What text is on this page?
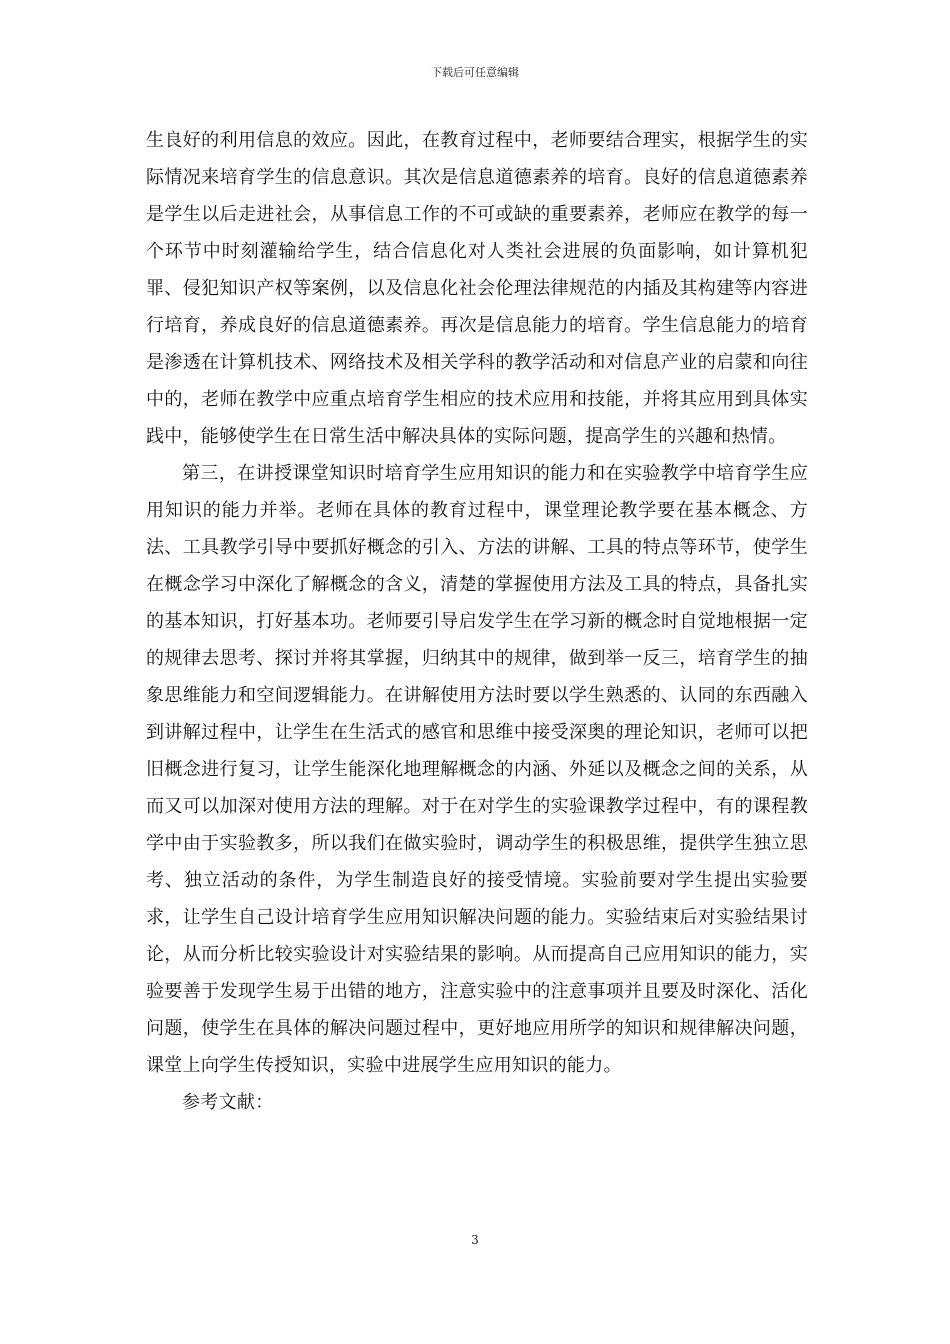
下载后可任意编辑

生良好的利用信息的效应。因此，在教育过程中，老师要结合理实，根据学生的实际情况来培育学生的信息意识。其次是信息道德素养的培育。良好的信息道德素养是学生以后走进社会，从事信息工作的不可或缺的重要素养，老师应在教学的每一个环节中时刻灌输给学生，结合信息化对人类社会进展的负面影响，如计算机犯罪、侵犯知识产权等案例，以及信息化社会伦理法律规范的内插及其构建等内容进行培育，养成良好的信息道德素养。再次是信息能力的培育。学生信息能力的培育是渗透在计算机技术、网络技术及相关学科的教学活动和对信息产业的启蒙和向往中的，老师在教学中应重点培育学生相应的技术应用和技能，并将其应用到具体实践中，能够使学生在日常生活中解决具体的实际问题，提高学生的兴趣和热情。

第三，在讲授课堂知识时培育学生应用知识的能力和在实验教学中培育学生应用知识的能力并举。老师在具体的教育过程中，课堂理论教学要在基本概念、方法、工具教学引导中要抓好概念的引入、方法的讲解、工具的特点等环节，使学生在概念学习中深化了解概念的含义，清楚的掌握使用方法及工具的特点，具备扎实的基本知识，打好基本功。老师要引导启发学生在学习新的概念时自觉地根据一定的规律去思考、探讨并将其掌握，归纳其中的规律，做到举一反三，培育学生的抽象思维能力和空间逻辑能力。在讲解使用方法时要以学生熟悉的、认同的东西融入到讲解过程中，让学生在生活式的感官和思维中接受深奥的理论知识，老师可以把旧概念进行复习，让学生能深化地理解概念的内涵、外延以及概念之间的关系，从而又可以加深对使用方法的理解。对于在对学生的实验课教学过程中，有的课程教学中由于实验教多，所以我们在做实验时，调动学生的积极思维，提供学生独立思考、独立活动的条件，为学生制造良好的接受情境。实验前要对学生提出实验要求，让学生自己设计培育学生应用知识解决问题的能力。实验结束后对实验结果讨论，从而分析比较实验设计对实验结果的影响。从而提高自己应用知识的能力，实验要善于发现学生易于出错的地方，注意实验中的注意事项并且要及时深化、活化问题，使学生在具体的解决问题过程中，更好地应用所学的知识和规律解决问题，课堂上向学生传授知识，实验中进展学生应用知识的能力。

参考文献：

3
